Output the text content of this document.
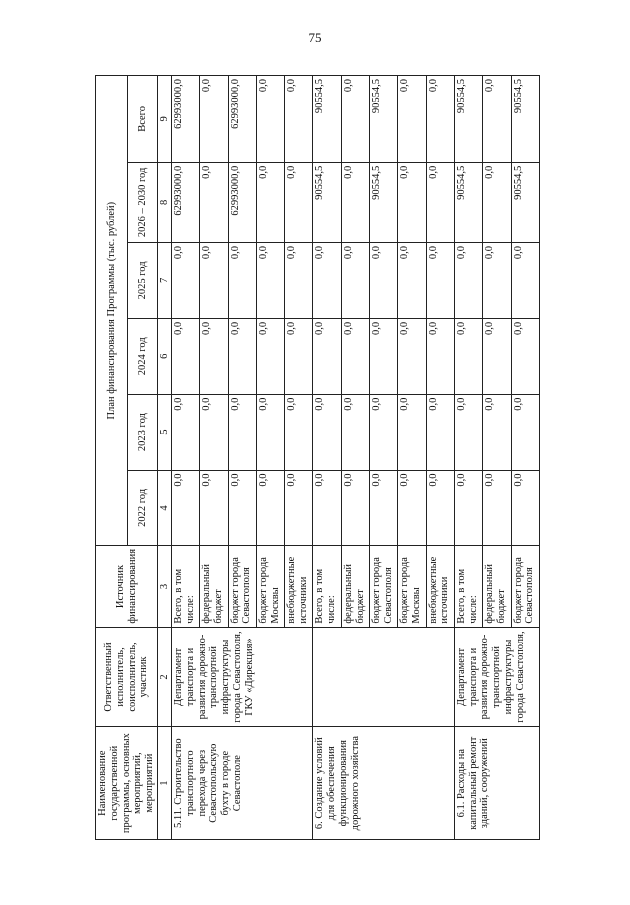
75
Наименование государственной программы, основных мероприятий, мероприятий	Ответственный исполнитель, соисполнитель, участник	Источник финансирования	План финансирования Программы (тыс. рублей)					
			2022 год	2023 год	2024 год	2025 год	2026 – 2030 год	Всего
1	2	3	4	5	6	7	8	9
5.11. Строительство транспортного перехода через Севастопольскую бухту в городе Севастополе	Департамент транспорта и развития дорожно-транспортной инфраструктуры города Севастополя, ГКУ «Дирекция»	Всего, в том числе:	0,0	0,0	0,0	0,0	62993000,0	62993000,0
		федеральный бюджет	0,0	0,0	0,0	0,0	0,0	0,0
		бюджет города Севастополя	0,0	0,0	0,0	0,0	62993000,0	62993000,0
		бюджет города Москвы	0,0	0,0	0,0	0,0	0,0	0,0
		внебюджетные источники	0,0	0,0	0,0	0,0	0,0	0,0
6. Создание условий для обеспечения функционирования дорожного хозяйства		Всего, в том числе:	0,0	0,0	0,0	0,0	90554,5	90554,5
		федеральный бюджет	0,0	0,0	0,0	0,0	0,0	0,0
		бюджет города Севастополя	0,0	0,0	0,0	0,0	90554,5	90554,5
		бюджет города Москвы	0,0	0,0	0,0	0,0	0,0	0,0
		внебюджетные источники	0,0	0,0	0,0	0,0	0,0	0,0
6.1. Расходы на капитальный ремонт зданий, сооружений	Департамент транспорта и развития дорожно-транспортной инфраструктуры города Севастополя,	Всего, в том числе:	0,0	0,0	0,0	0,0	90554,5	90554,5
		федеральный бюджет	0,0	0,0	0,0	0,0	0,0	0,0
		бюджет города Севастополя	0,0	0,0	0,0	0,0	90554,5	90554,5
